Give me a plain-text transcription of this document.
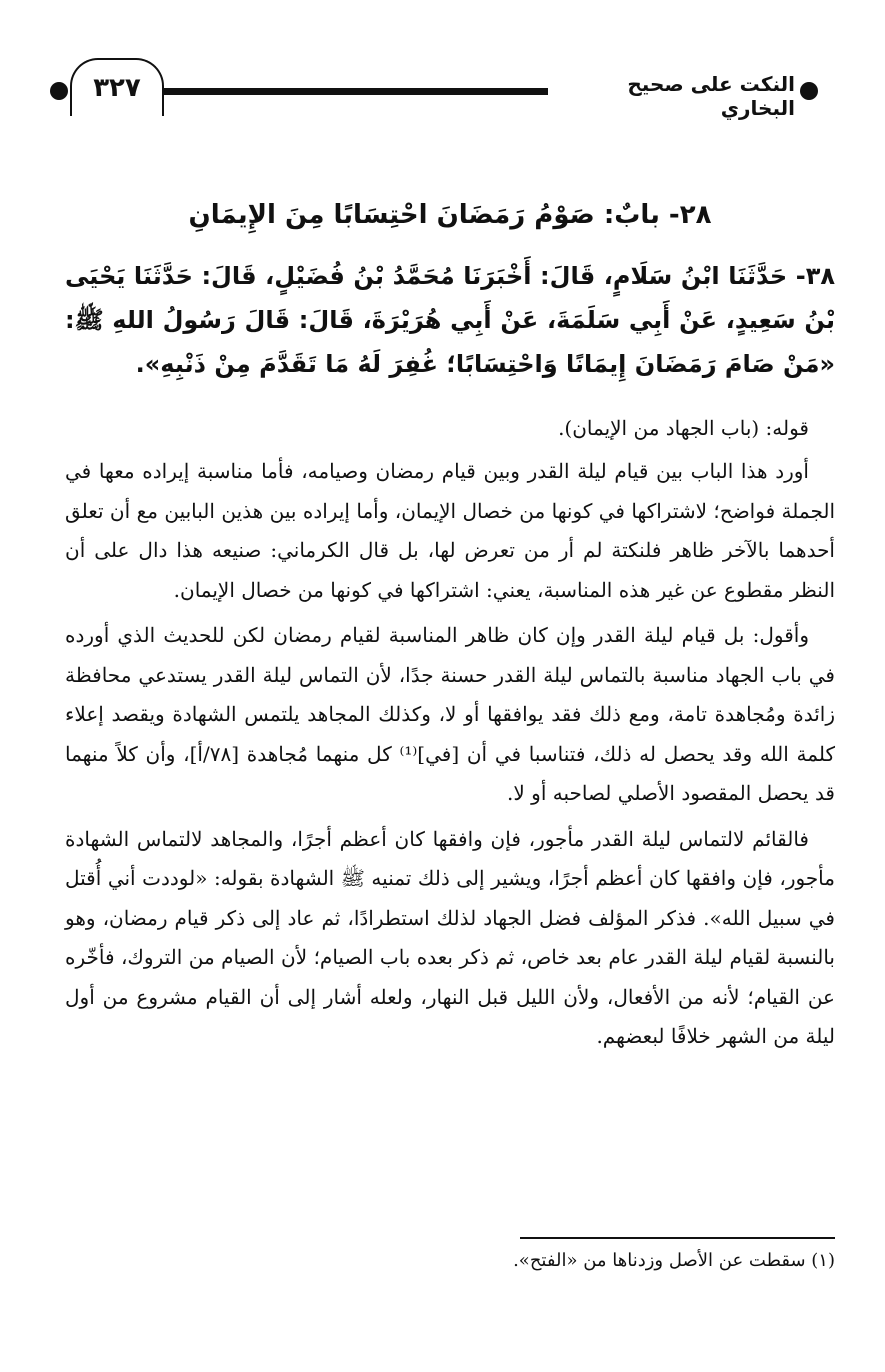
٣٢٧	النكت على صحيح البخاري
٢٨- بابٌ: صَوْمُ رَمَضَانَ احْتِسَابًا مِنَ الإِيمَانِ

٣٨- حَدَّثَنَا ابْنُ سَلَامٍ، قَالَ: أَخْبَرَنَا مُحَمَّدُ بْنُ فُضَيْلٍ، قَالَ: حَدَّثَنَا يَحْيَى بْنُ سَعِيدٍ، عَنْ أَبِي سَلَمَةَ، عَنْ أَبِي هُرَيْرَةَ، قَالَ: قَالَ رَسُولُ اللهِ ﷺ: «مَنْ صَامَ رَمَضَانَ إِيمَانًا وَاحْتِسَابًا؛ غُفِرَ لَهُ مَا تَقَدَّمَ مِنْ ذَنْبِهِ».

قوله: (باب الجهاد من الإيمان).

أورد هذا الباب بين قيام ليلة القدر وبين قيام رمضان وصيامه، فأما مناسبة إيراده معها في الجملة فواضح؛ لاشتراكها في كونها من خصال الإيمان، وأما إيراده بين هذين البابين مع أن تعلق أحدهما بالآخر ظاهر فلنكتة لم أر من تعرض لها، بل قال الكرماني: صنيعه هذا دال على أن النظر مقطوع عن غير هذه المناسبة، يعني: اشتراكها في كونها من خصال الإيمان.

وأقول: بل قيام ليلة القدر وإن كان ظاهر المناسبة لقيام رمضان لكن للحديث الذي أورده في باب الجهاد مناسبة بالتماس ليلة القدر حسنة جدًا، لأن التماس ليلة القدر يستدعي محافظة زائدة ومُجاهدة تامة، ومع ذلك فقد يوافقها أو لا، وكذلك المجاهد يلتمس الشهادة ويقصد إعلاء كلمة الله وقد يحصل له ذلك، فتناسبا في أن [في]⁽¹⁾ كل منهما مُجاهدة [٧٨/أ]، وأن كلاً منهما قد يحصل المقصود الأصلي لصاحبه أو لا.

فالقائم لالتماس ليلة القدر مأجور، فإن وافقها كان أعظم أجرًا، والمجاهد لالتماس الشهادة مأجور، فإن وافقها كان أعظم أجرًا، ويشير إلى ذلك تمنيه ﷺ الشهادة بقوله: «لوددت أني أُقتل في سبيل الله». فذكر المؤلف فضل الجهاد لذلك استطرادًا، ثم عاد إلى ذكر قيام رمضان، وهو بالنسبة لقيام ليلة القدر عام بعد خاص، ثم ذكر بعده باب الصيام؛ لأن الصيام من التروك، فأخّره عن القيام؛ لأنه من الأفعال، ولأن الليل قبل النهار، ولعله أشار إلى أن القيام مشروع من أول ليلة من الشهر خلافًا لبعضهم.

(١) سقطت عن الأصل وزدناها من «الفتح».
